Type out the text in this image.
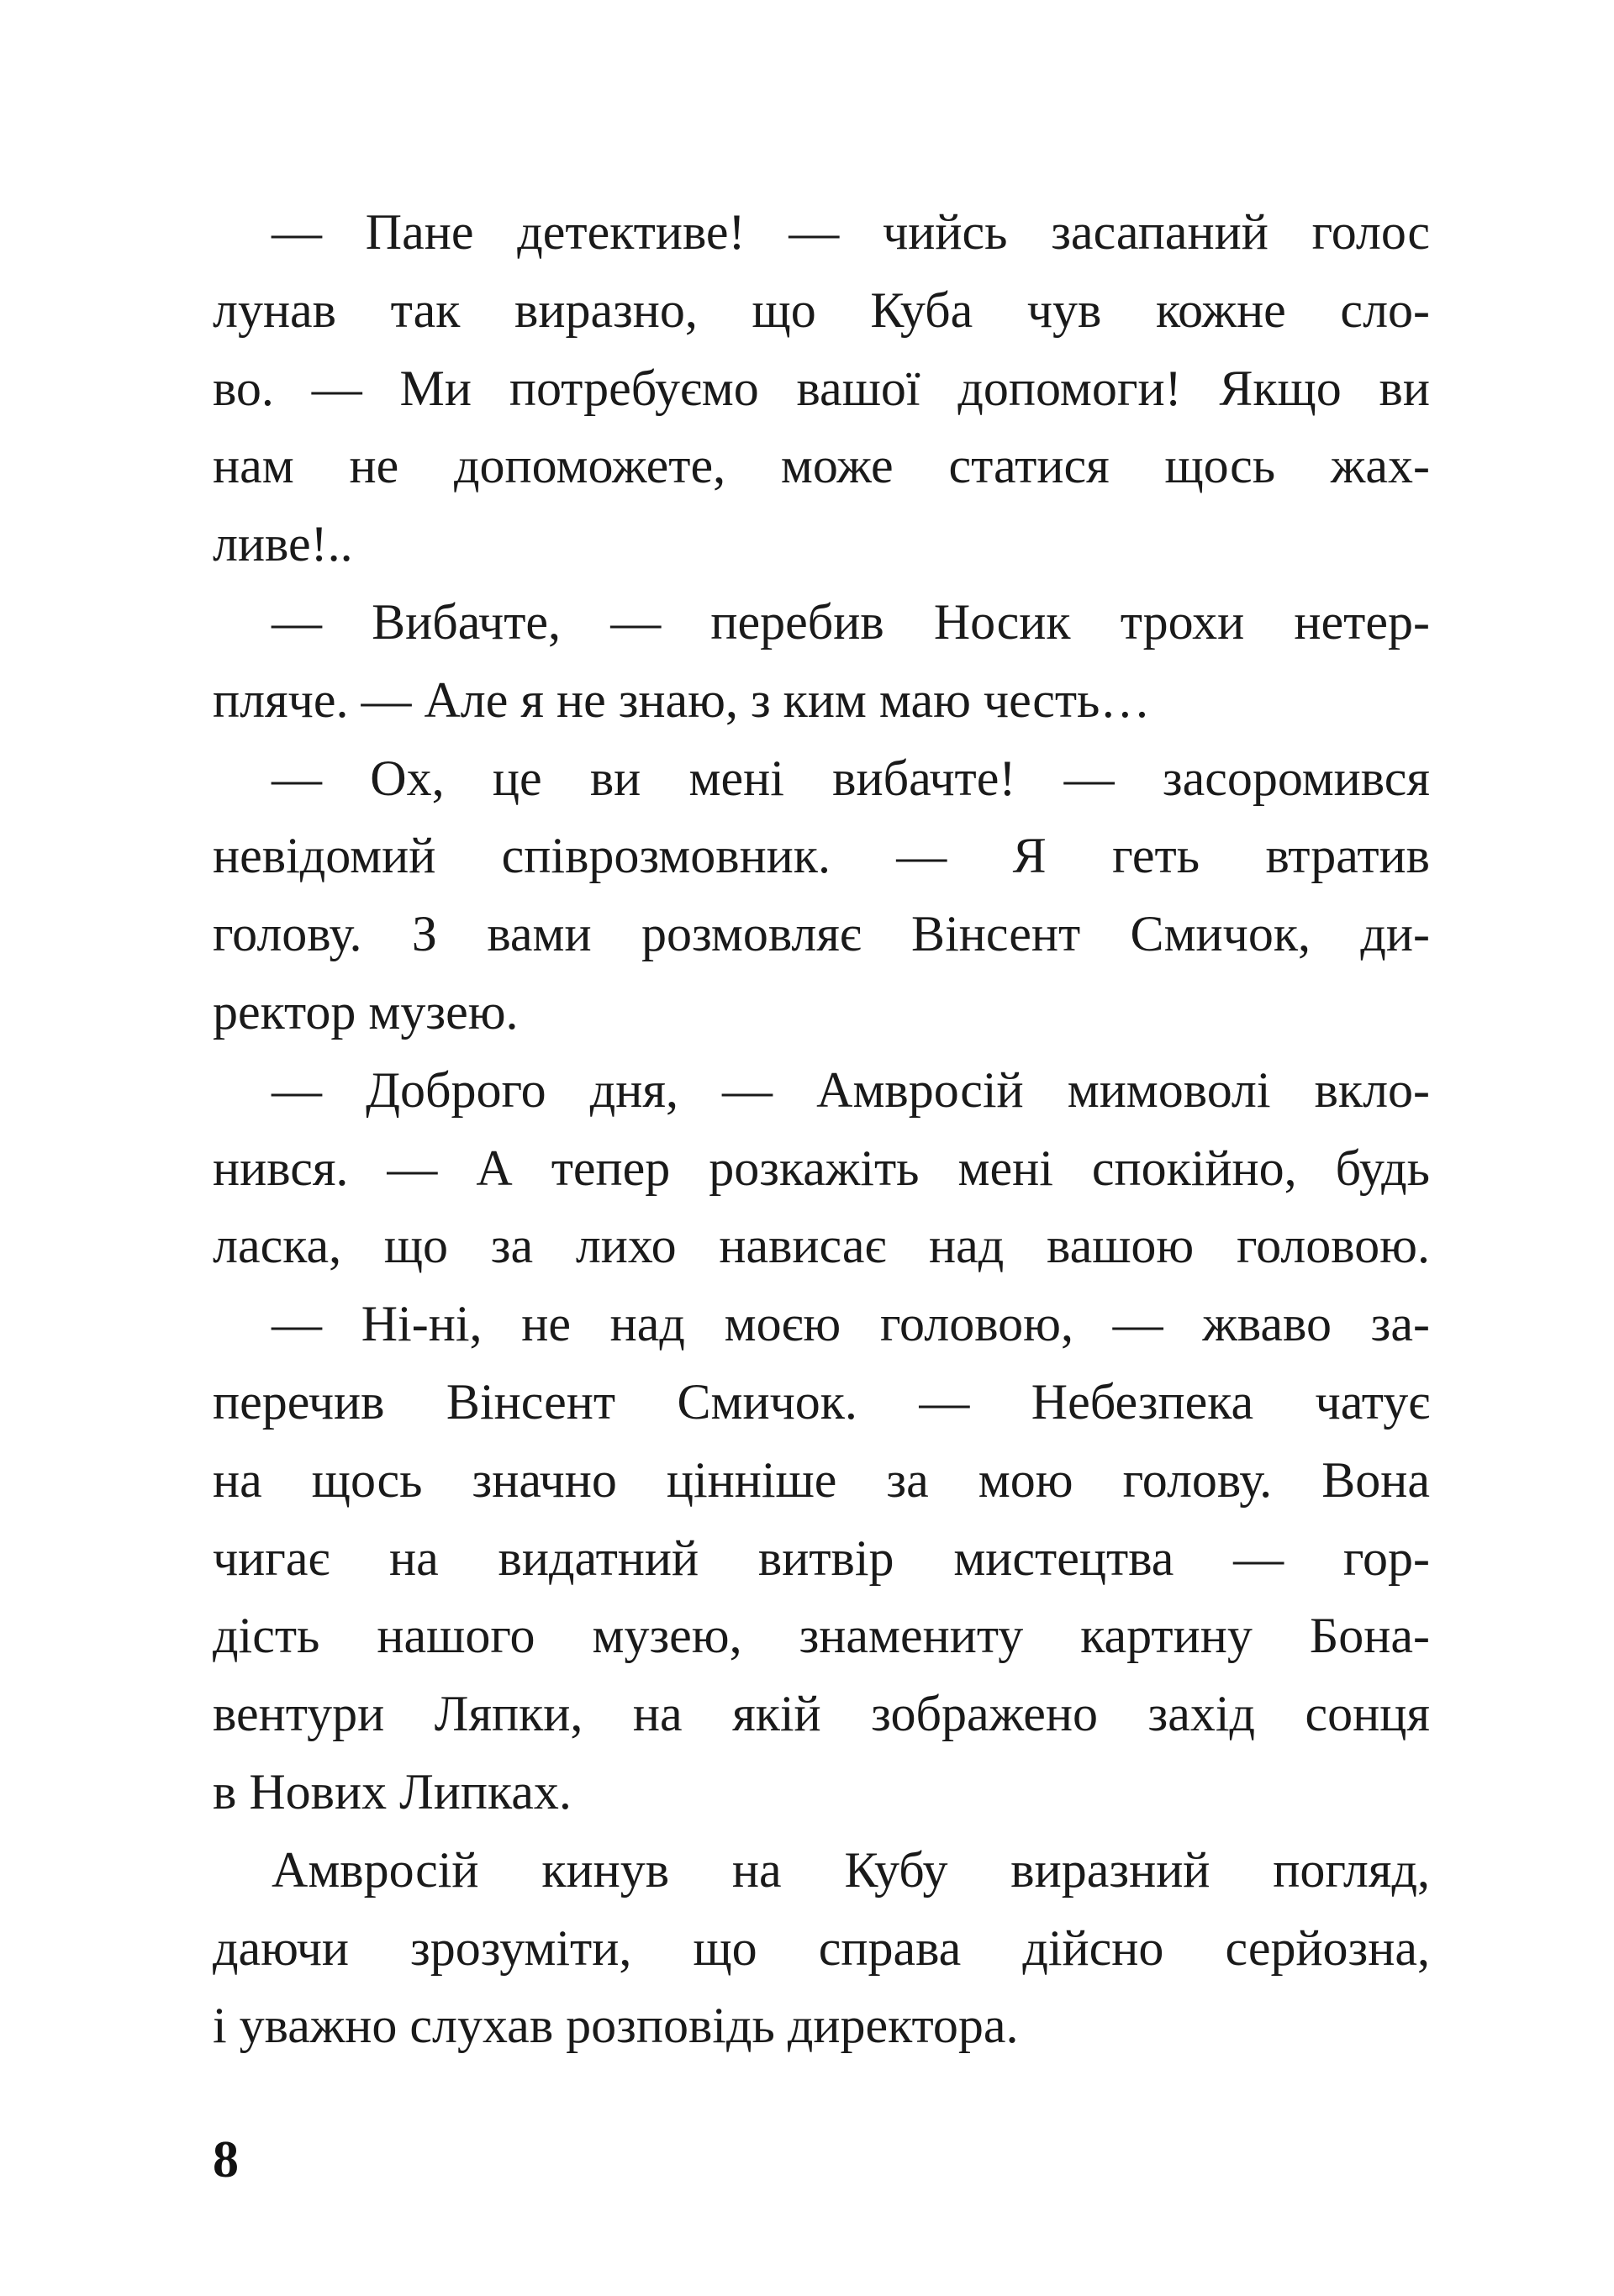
— Пане детективе! — чийсь засапаний голос
лунав так виразно, що Куба чув кожне сло-
во. — Ми потребуємо вашої допомоги! Якщо ви
нам не допоможете, може статися щось жах-
ливе!..
— Вибачте, — перебив Носик трохи нетер-
пляче. — Але я не знаю, з ким маю честь…
— Ох, це ви мені вибачте! — засоромився
невідомий співрозмовник. — Я геть втратив
голову. З вами розмовляє Вінсент Смичок, ди-
ректор музею.
— Доброго дня, — Амвросій мимоволі вкло-
нився. — А тепер розкажіть мені спокійно, будь
ласка, що за лихо нависає над вашою головою.
— Ні-ні, не над моєю головою, — жваво за-
перечив Вінсент Смичок. — Небезпека чатує
на щось значно цінніше за мою голову. Вона
чигає на видатний витвір мистецтва — гор-
дість нашого музею, знамениту картину Бона-
вентури Ляпки, на якій зображено захід сонця
в Нових Липках.
Амвросій кинув на Кубу виразний погляд,
даючи зрозуміти, що справа дійсно серйозна,
і уважно слухав розповідь директора.
8
